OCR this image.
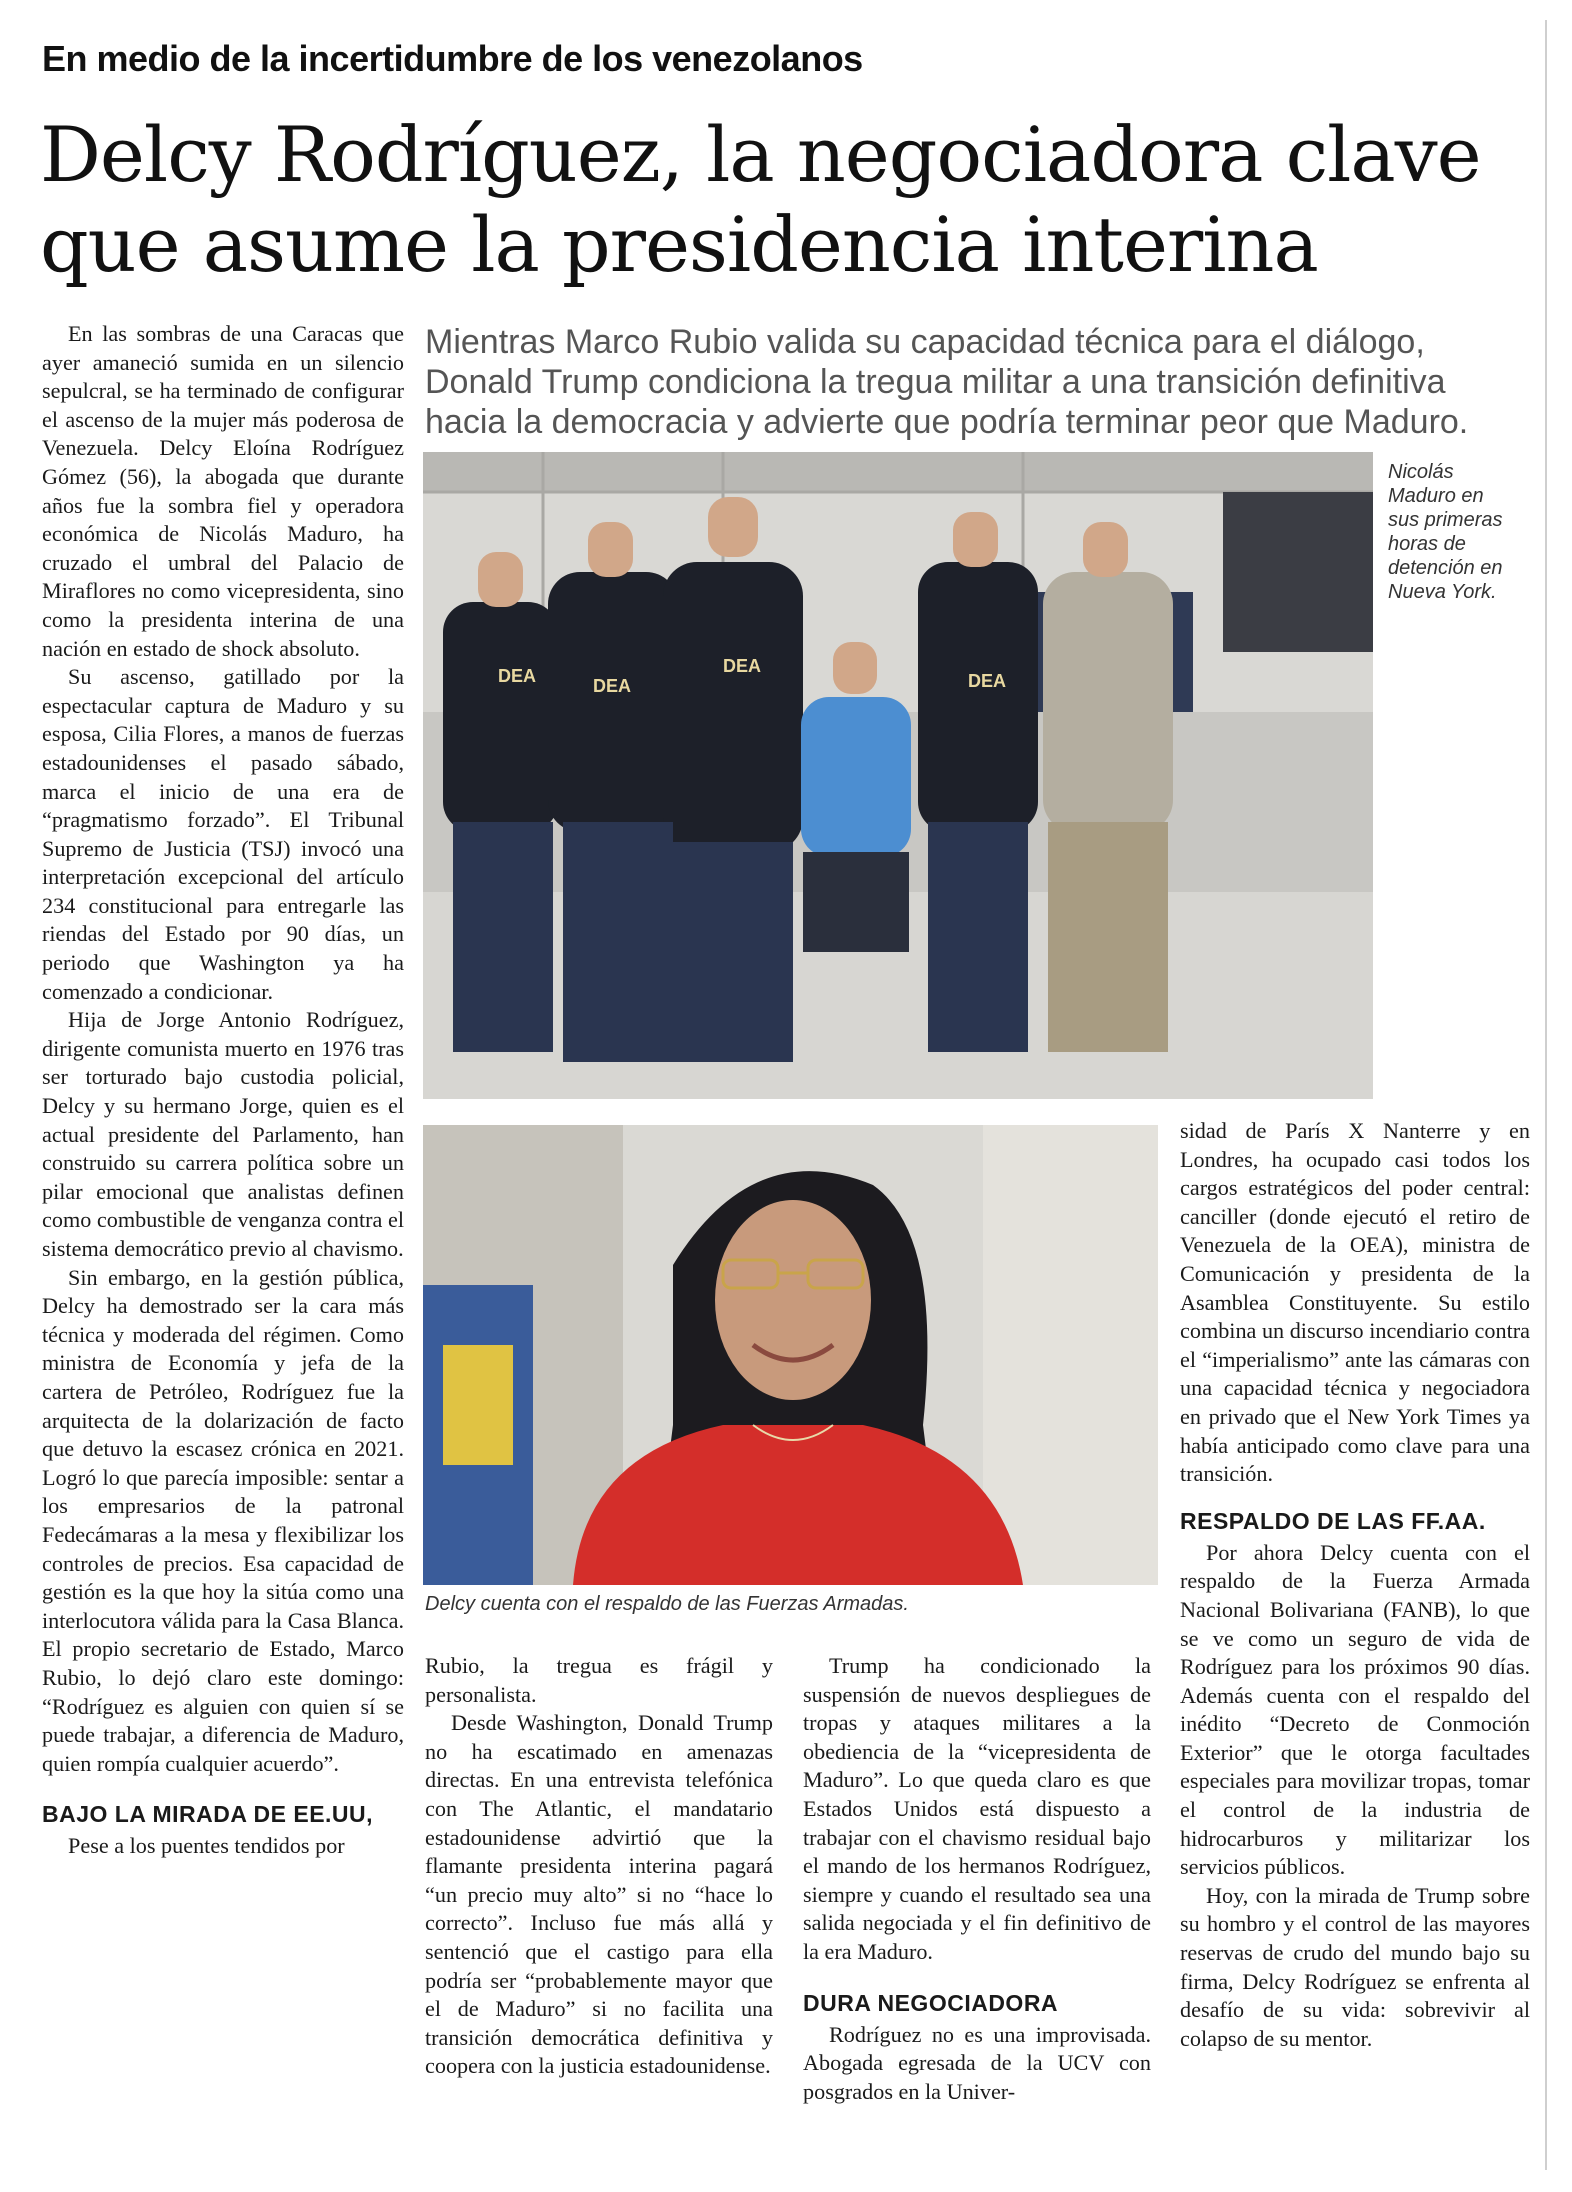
En medio de la incertidumbre de los venezolanos
Delcy Rodríguez, la negociadora clave
que asume la presidencia interina
Mientras Marco Rubio valida su capacidad técnica para el diálogo,
Donald Trump condiciona la tregua militar a una transición definitiva
hacia la democracia y advierte que podría terminar peor que Maduro.

En las sombras de una Caracas que ayer amaneció sumida en un silencio sepulcral, se ha terminado de configurar el ascenso de la mujer más poderosa de Venezuela. Delcy Eloína Rodríguez Gómez (56), la abogada que durante años fue la sombra fiel y operadora económica de Nicolás Maduro, ha cruzado el umbral del Palacio de Miraflores no como vicepresidenta, sino como la presidenta interina de una nación en estado de shock absoluto.

Su ascenso, gatillado por la espectacular captura de Maduro y su esposa, Cilia Flores, a manos de fuerzas estadounidenses el pasado sábado, marca el inicio de una era de “pragmatismo forzado”. El Tribunal Supremo de Justicia (TSJ) invocó una interpretación excepcional del artículo 234 constitucional para entregarle las riendas del Estado por 90 días, un periodo que Washington ya ha comenzado a condicionar.

Hija de Jorge Antonio Rodríguez, dirigente comunista muerto en 1976 tras ser torturado bajo custodia policial, Delcy y su hermano Jorge, quien es el actual presidente del Parlamento, han construido su carrera política sobre un pilar emocional que analistas definen como combustible de venganza contra el sistema democrático previo al chavismo.

Sin embargo, en la gestión pública, Delcy ha demostrado ser la cara más técnica y moderada del régimen. Como ministra de Economía y jefa de la cartera de Petróleo, Rodríguez fue la arquitecta de la dolarización de facto que detuvo la escasez crónica en 2021. Logró lo que parecía imposible: sentar a los empresarios de la patronal Fedecámaras a la mesa y flexibilizar los controles de precios. Esa capacidad de gestión es la que hoy la sitúa como una interlocutora válida para la Casa Blanca. El propio secretario de Estado, Marco Rubio, lo dejó claro este domingo: “Rodríguez es alguien con quien sí se puede trabajar, a diferencia de Maduro, quien rompía cualquier acuerdo”.

BAJO LA MIRADA DE EE.UU,

Pese a los puentes tendidos por

DEA	DEA
DEA
DEA
Nicolás
Maduro en
sus primeras
horas de
detención en
Nueva York.
Delcy cuenta con el respaldo de las Fuerzas Armadas.

sidad de París X Nanterre y en Londres, ha ocupado casi todos los cargos estratégicos del poder central: canciller (donde ejecutó el retiro de Venezuela de la OEA), ministra de Comunicación y presidenta de la Asamblea Constituyente. Su estilo combina un discurso incendiario contra el “imperialismo” ante las cámaras con una capacidad técnica y negociadora en privado que el New York Times ya había anticipado como clave para una transición.

RESPALDO DE LAS FF.AA.

Por ahora Delcy cuenta con el respaldo de la Fuerza Armada Nacional Bolivariana (FANB), lo que se ve como un seguro de vida de Rodríguez para los próximos 90 días. Además cuenta con el respaldo del inédito “Decreto de Conmoción Exterior” que le otorga facultades especiales para movilizar tropas, tomar el control de la industria de hidrocarburos y militarizar los servicios públicos.

Hoy, con la mirada de Trump sobre su hombro y el control de las mayores reservas de crudo del mundo bajo su firma, Delcy Rodríguez se enfrenta al desafío de su vida: sobrevivir al colapso de su mentor.

Rubio, la tregua es frágil y personalista.

Desde Washington, Donald Trump no ha escatimado en amenazas directas. En una entrevista telefónica con The Atlantic, el mandatario estadounidense advirtió que la flamante presidenta interina pagará “un precio muy alto” si no “hace lo correcto”. Incluso fue más allá y sentenció que el castigo para ella podría ser “probablemente mayor que el de Maduro” si no facilita una transición democrática definitiva y coopera con la justicia estadounidense.

Trump ha condicionado la suspensión de nuevos despliegues de tropas y ataques militares a la obediencia de la “vicepresidenta de Maduro”. Lo que queda claro es que Estados Unidos está dispuesto a trabajar con el chavismo residual bajo el mando de los hermanos Rodríguez, siempre y cuando el resultado sea una salida negociada y el fin definitivo de la era Maduro.

DURA NEGOCIADORA

Rodríguez no es una improvisada. Abogada egresada de la UCV con posgrados en la Univer-
